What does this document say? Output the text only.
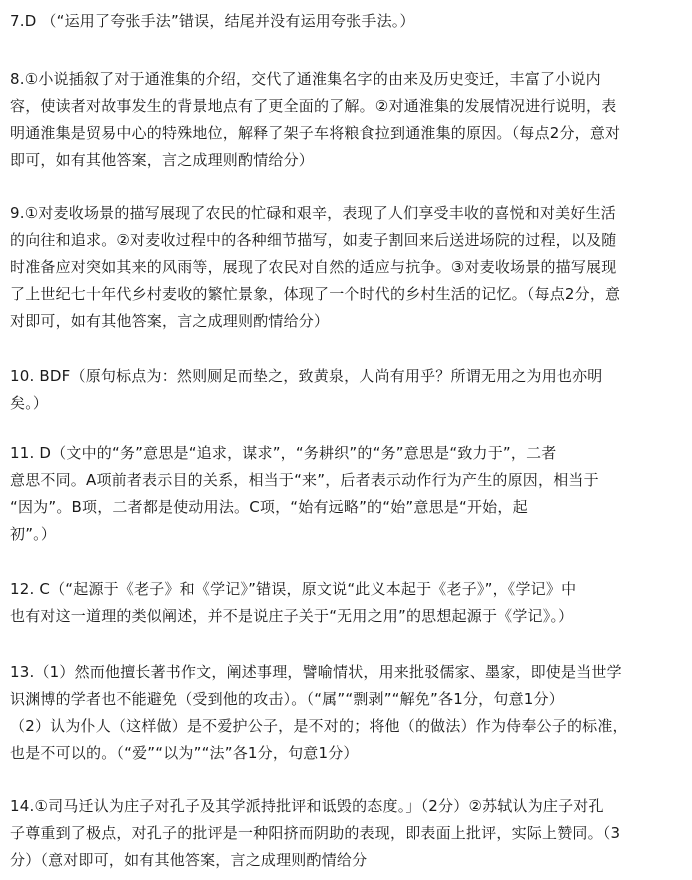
7.D （“运用了夸张手法”错误，结尾并没有运用夸张手法。）
8.①小说插叙了对于通淮集的介绍，交代了通淮集名字的由来及历史变迁，丰富了小说内
容，使读者对故事发生的背景地点有了更全面的了解。②对通淮集的发展情况进行说明，表
明通淮集是贸易中心的特殊地位，解释了架子车将粮食拉到通淮集的原因。（每点2分，意对
即可，如有其他答案，言之成理则酌情给分）
9.①对麦收场景的描写展现了农民的忙碌和艰辛，表现了人们享受丰收的喜悦和对美好生活
的向往和追求。②对麦收过程中的各种细节描写，如麦子割回来后送进场院的过程，以及随
时准备应对突如其来的风雨等，展现了农民对自然的适应与抗争。③对麦收场景的描写展现
了上世纪七十年代乡村麦收的繁忙景象，体现了一个时代的乡村生活的记忆。（每点2分，意
对即可，如有其他答案，言之成理则酌情给分）
10. BDF（原句标点为：然则厕足而垫之，致黄泉，人尚有用乎？所谓无用之为用也亦明
矣。）
11. D（文中的“务”意思是“追求，谋求”，“务耕织”的“务”意思是“致力于”，二者
意思不同。A项前者表示目的关系，相当于“来”，后者表示动作行为产生的原因，相当于
“因为”。B项，二者都是使动用法。C项，“始有远略”的“始”意思是“开始，起
初”。）
12. C（“起源于《老子》和《学记》”错误，原文说“此义本起于《老子》”，《学记》中
也有对这一道理的类似阐述，并不是说庄子关于“无用之用”的思想起源于《学记》。）
13.（1）然而他擅长著书作文，阐述事理，譬喻情状，用来批驳儒家、墨家，即使是当世学
识渊博的学者也不能避免（受到他的攻击）。（“属”“剽剥”“解免”各1分，句意1分）
（2）认为仆人（这样做）是不爱护公子，是不对的；将他（的做法）作为侍奉公子的标准，
也是不可以的。（“爱”“以为”“法”各1分，句意1分）
14.①司马迁认为庄子对孔子及其学派持批评和诋毁的态度。」（2分）②苏轼认为庄子对孔
子尊重到了极点，对孔子的批评是一种阳挤而阴助的表现，即表面上批评，实际上赞同。（3
分）（意对即可，如有其他答案，言之成理则酌情给分
